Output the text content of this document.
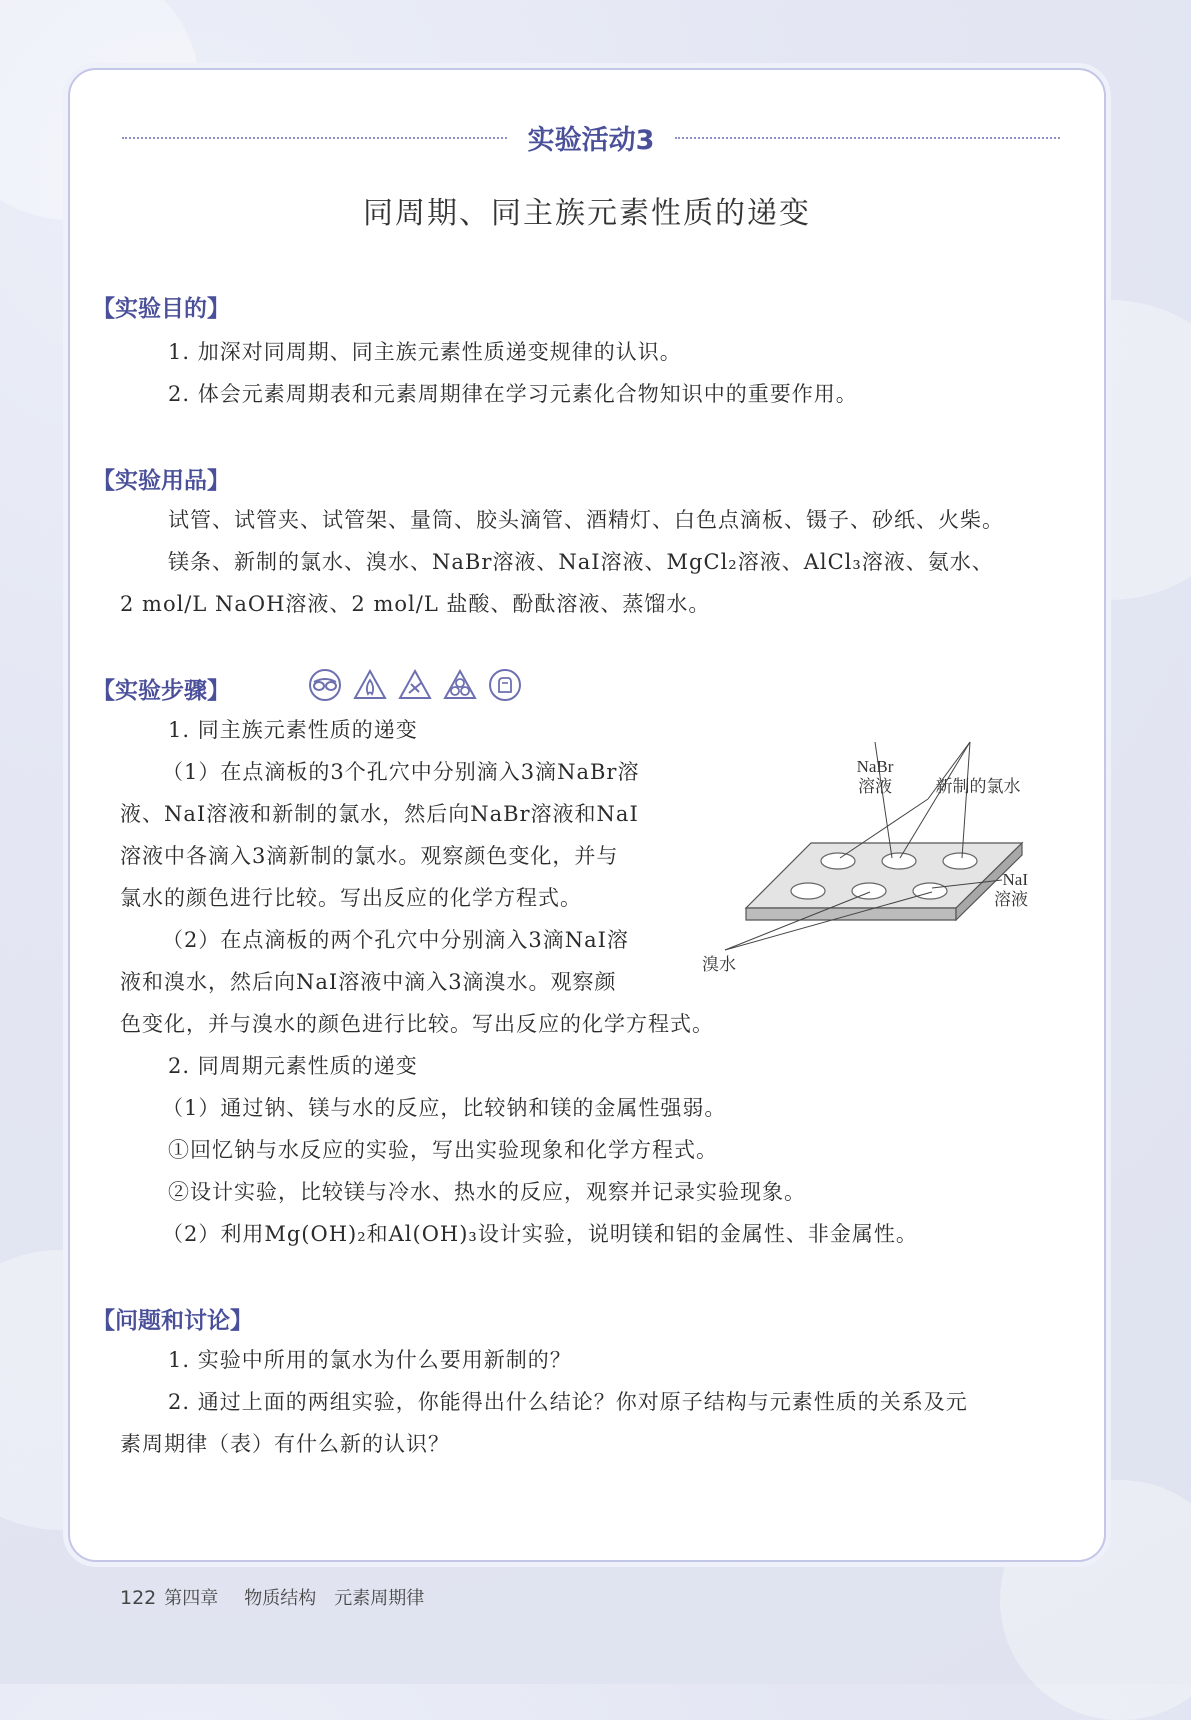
实验活动3
同周期、同主族元素性质的递变
【实验目的】
1. 加深对同周期、同主族元素性质递变规律的认识。
2. 体会元素周期表和元素周期律在学习元素化合物知识中的重要作用。
【实验用品】
试管、试管夹、试管架、量筒、胶头滴管、酒精灯、白色点滴板、镊子、砂纸、火柴。
镁条、新制的氯水、溴水、NaBr溶液、NaI溶液、MgCl₂溶液、AlCl₃溶液、氨水、
2 mol/L NaOH溶液、2 mol/L 盐酸、酚酞溶液、蒸馏水。
【实验步骤】

1. 同主族元素性质的递变
（1）在点滴板的3个孔穴中分别滴入3滴NaBr溶
液、NaI溶液和新制的氯水，然后向NaBr溶液和NaI
溶液中各滴入3滴新制的氯水。观察颜色变化，并与
氯水的颜色进行比较。写出反应的化学方程式。
（2）在点滴板的两个孔穴中分别滴入3滴NaI溶
液和溴水，然后向NaI溶液中滴入3滴溴水。观察颜
色变化，并与溴水的颜色进行比较。写出反应的化学方程式。
2. 同周期元素性质的递变
（1）通过钠、镁与水的反应，比较钠和镁的金属性强弱。
①回忆钠与水反应的实验，写出实验现象和化学方程式。
②设计实验，比较镁与冷水、热水的反应，观察并记录实验现象。
（2）利用Mg(OH)₂和Al(OH)₃设计实验，说明镁和铝的金属性、非金属性。
NaBr
溶液	新制的氯水
NaI
溶液
溴水
【问题和讨论】
1. 实验中所用的氯水为什么要用新制的？
2. 通过上面的两组实验，你能得出什么结论？你对原子结构与元素性质的关系及元
素周期律（表）有什么新的认识？
122 第四章 物质结构　元素周期律
